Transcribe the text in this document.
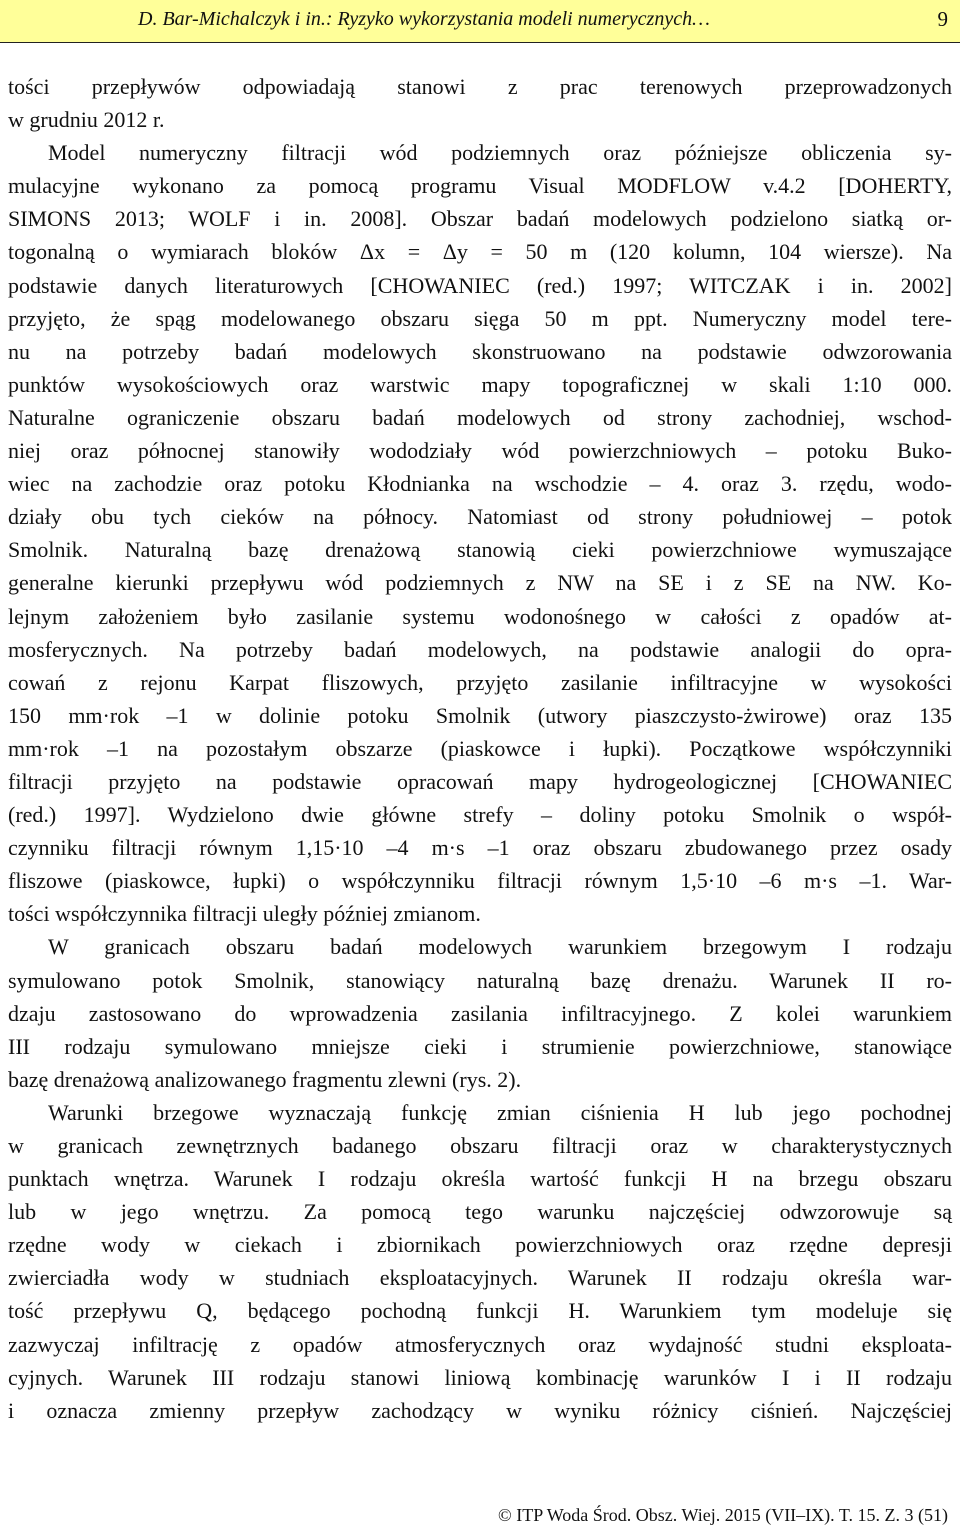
D. Bar-Michalczyk i in.: Ryzyko wykorzystania modeli numerycznych…	9
tości przepływów odpowiadają stanowi z prac terenowych przeprowadzonych
w grudniu 2012 r.
Model numeryczny filtracji wód podziemnych oraz późniejsze obliczenia sy-
mulacyjne wykonano za pomocą programu Visual MODFLOW v.4.2 [DOHERTY,
SIMONS 2013; WOLF i in. 2008]. Obszar badań modelowych podzielono siatką or-
togonalną o wymiarach bloków Δx = Δy = 50 m (120 kolumn, 104 wiersze). Na
podstawie danych literaturowych [CHOWANIEC (red.) 1997; WITCZAK i in. 2002]
przyjęto, że spąg modelowanego obszaru sięga 50 m ppt. Numeryczny model tere-
nu na potrzeby badań modelowych skonstruowano na podstawie odwzorowania
punktów wysokościowych oraz warstwic mapy topograficznej w skali 1:10 000.
Naturalne ograniczenie obszaru badań modelowych od strony zachodniej, wschod-
niej oraz północnej stanowiły wododziały wód powierzchniowych – potoku Buko-
wiec na zachodzie oraz potoku Kłodnianka na wschodzie – 4. oraz 3. rzędu, wodo-
działy obu tych cieków na północy. Natomiast od strony południowej – potok
Smolnik. Naturalną bazę drenażową stanowią cieki powierzchniowe wymuszające
generalne kierunki przepływu wód podziemnych z NW na SE i z SE na NW. Ko-
lejnym założeniem było zasilanie systemu wodonośnego w całości z opadów at-
mosferycznych. Na potrzeby badań modelowych, na podstawie analogii do opra-
cowań z rejonu Karpat fliszowych, przyjęto zasilanie infiltracyjne w wysokości
150 mm·rok –1 w dolinie potoku Smolnik (utwory piaszczysto-żwirowe) oraz 135
mm·rok –1 na pozostałym obszarze (piaskowce i łupki). Początkowe współczynniki
filtracji przyjęto na podstawie opracowań mapy hydrogeologicznej [CHOWANIEC
(red.) 1997]. Wydzielono dwie główne strefy – doliny potoku Smolnik o współ-
czynniku filtracji równym 1,15·10 –4 m·s –1 oraz obszaru zbudowanego przez osady
fliszowe (piaskowce, łupki) o współczynniku filtracji równym 1,5·10 –6 m·s –1. War-
tości współczynnika filtracji uległy później zmianom.
W granicach obszaru badań modelowych warunkiem brzegowym I rodzaju
symulowano potok Smolnik, stanowiący naturalną bazę drenażu. Warunek II ro-
dzaju zastosowano do wprowadzenia zasilania infiltracyjnego. Z kolei warunkiem
III rodzaju symulowano mniejsze cieki i strumienie powierzchniowe, stanowiące
bazę drenażową analizowanego fragmentu zlewni (rys. 2).
Warunki brzegowe wyznaczają funkcję zmian ciśnienia H lub jego pochodnej
w granicach zewnętrznych badanego obszaru filtracji oraz w charakterystycznych
punktach wnętrza. Warunek I rodzaju określa wartość funkcji H na brzegu obszaru
lub w jego wnętrzu. Za pomocą tego warunku najczęściej odwzorowuje są
rzędne wody w ciekach i zbiornikach powierzchniowych oraz rzędne depresji
zwierciadła wody w studniach eksploatacyjnych. Warunek II rodzaju określa war-
tość przepływu Q, będącego pochodną funkcji H. Warunkiem tym modeluje się
zazwyczaj infiltrację z opadów atmosferycznych oraz wydajność studni eksploata-
cyjnych. Warunek III rodzaju stanowi liniową kombinację warunków I i II rodzaju
i oznacza zmienny przepływ zachodzący w wyniku różnicy ciśnień. Najczęściej
© ITP Woda Środ. Obsz. Wiej. 2015 (VII–IX). T. 15. Z. 3 (51)
